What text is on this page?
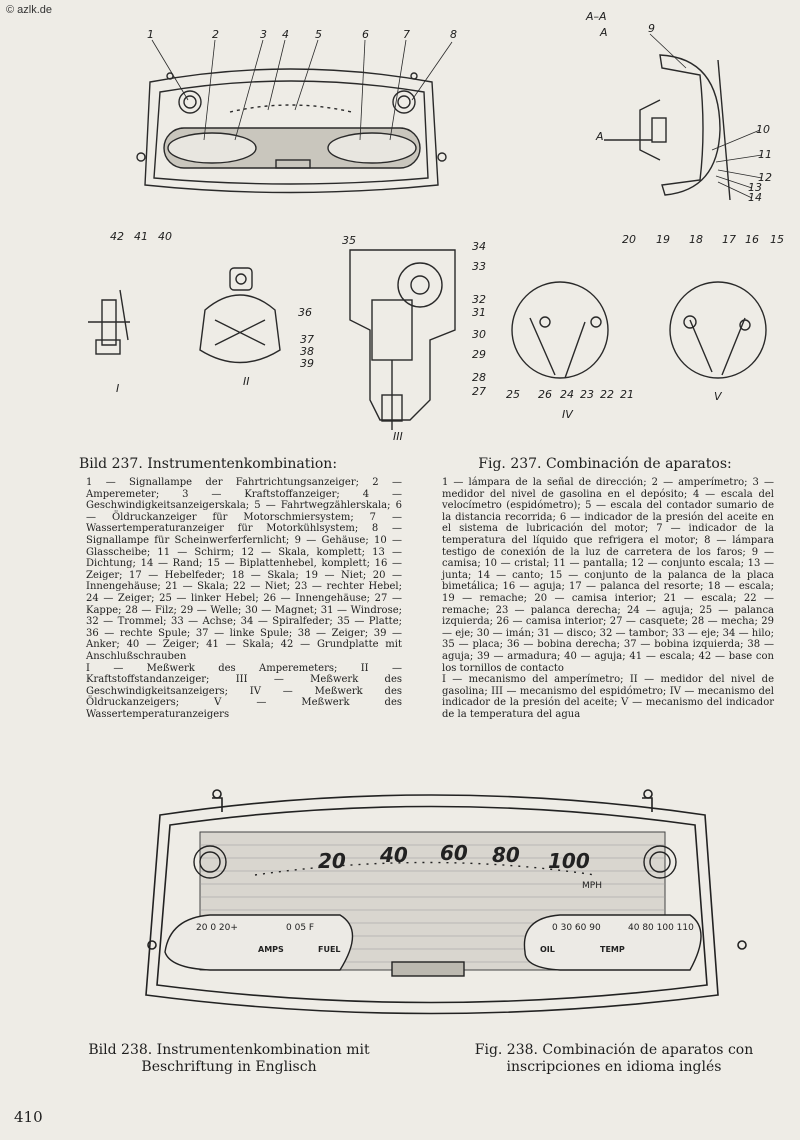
© azlk.de
1	2	3 4 5	6	7	8
A–A
9
10
11
12
13
14
A
A
42 41 40
36
37
38
39
35	34
33
32
31
30
29
28
27
20 19 18 17 16 15
25 26 24 23 22 21
I
II
III
IV
V
Bild 237. Instrumentenkombination:	Fig. 237. Combinación de aparatos:

1 — Signallampe der Fahrtrichtungsanzeiger; 2 — Amperemeter; 3 — Kraftstoffanzeiger; 4 — Geschwindigkeitsanzeigerskala; 5 — Fahrtwegzählerskala; 6 — Öldruckanzeiger für Motorschmiersystem; 7 — Wassertemperaturanzeiger für Motorkühlsystem; 8 — Signallampe für Scheinwerferfernlicht; 9 — Gehäuse; 10 — Glasscheibe; 11 — Schirm; 12 — Skala, komplett; 13 — Dichtung; 14 — Rand; 15 — Biplattenhebel, komplett; 16 — Zeiger; 17 — Hebelfeder; 18 — Skala; 19 — Niet; 20 — Innengehäuse; 21 — Skala; 22 — Niet; 23 — rechter Hebel; 24 — Zeiger; 25 — linker Hebel; 26 — Innengehäuse; 27 — Kappe; 28 — Filz; 29 — Welle; 30 — Magnet; 31 — Windrose; 32 — Trommel; 33 — Achse; 34 — Spiralfeder; 35 — Platte; 36 — rechte Spule; 37 — linke Spule; 38 — Zeiger; 39 — Anker; 40 — Zeiger; 41 — Skala; 42 — Grundplatte mit Anschlußschrauben

I — Meßwerk des Amperemeters; II — Kraftstoffstandanzeiger; III — Meßwerk des Geschwindigkeitsanzeigers; IV — Meßwerk des Öldruckanzeigers; V — Meßwerk des Wassertemperaturanzeigers

1 — lámpara de la señal de dirección; 2 — amperímetro; 3 — medidor del nivel de gasolina en el depósito; 4 — escala del velocímetro (espidómetro); 5 — escala del contador sumario de la distancia recorrida; 6 — indicador de la presión del aceite en el sistema de lubricación del motor; 7 — indicador de la temperatura del líquido que refrigera el motor; 8 — lámpara testigo de conexión de la luz de carretera de los faros; 9 — camisa; 10 — cristal; 11 — pantalla; 12 — conjunto escala; 13 — junta; 14 — canto; 15 — conjunto de la palanca de la placa bimetálica; 16 — aguja; 17 — palanca del resorte; 18 — escala; 19 — remache; 20 — camisa interior; 21 — escala; 22 — remache; 23 — palanca derecha; 24 — aguja; 25 — palanca izquierda; 26 — camisa interior; 27 — casquete; 28 — mecha; 29 — eje; 30 — imán; 31 — disco; 32 — tambor; 33 — eje; 34 — hilo; 35 — placa; 36 — bobina derecha; 37 — bobina izquierda; 38 — aguja; 39 — armadura; 40 — aguja; 41 — escala; 42 — base con los tornillos de contacto

I — mecanismo del amperímetro; II — medidor del nivel de gasolina; III — mecanismo del espidómetro; IV — mecanismo del indicador de la presión del aceite; V — mecanismo del indicador de la temperatura del agua

20 40 60 80 100
MPH
20 0 20+	0 05 F	0 30 60 90	40 80 100 110
AMPS	FUEL	OIL	TEMP
Bild 238. Instrumentenkombination mit Beschriftung in Englisch
Fig. 238. Combinación de aparatos con inscripciones en idioma inglés
410
